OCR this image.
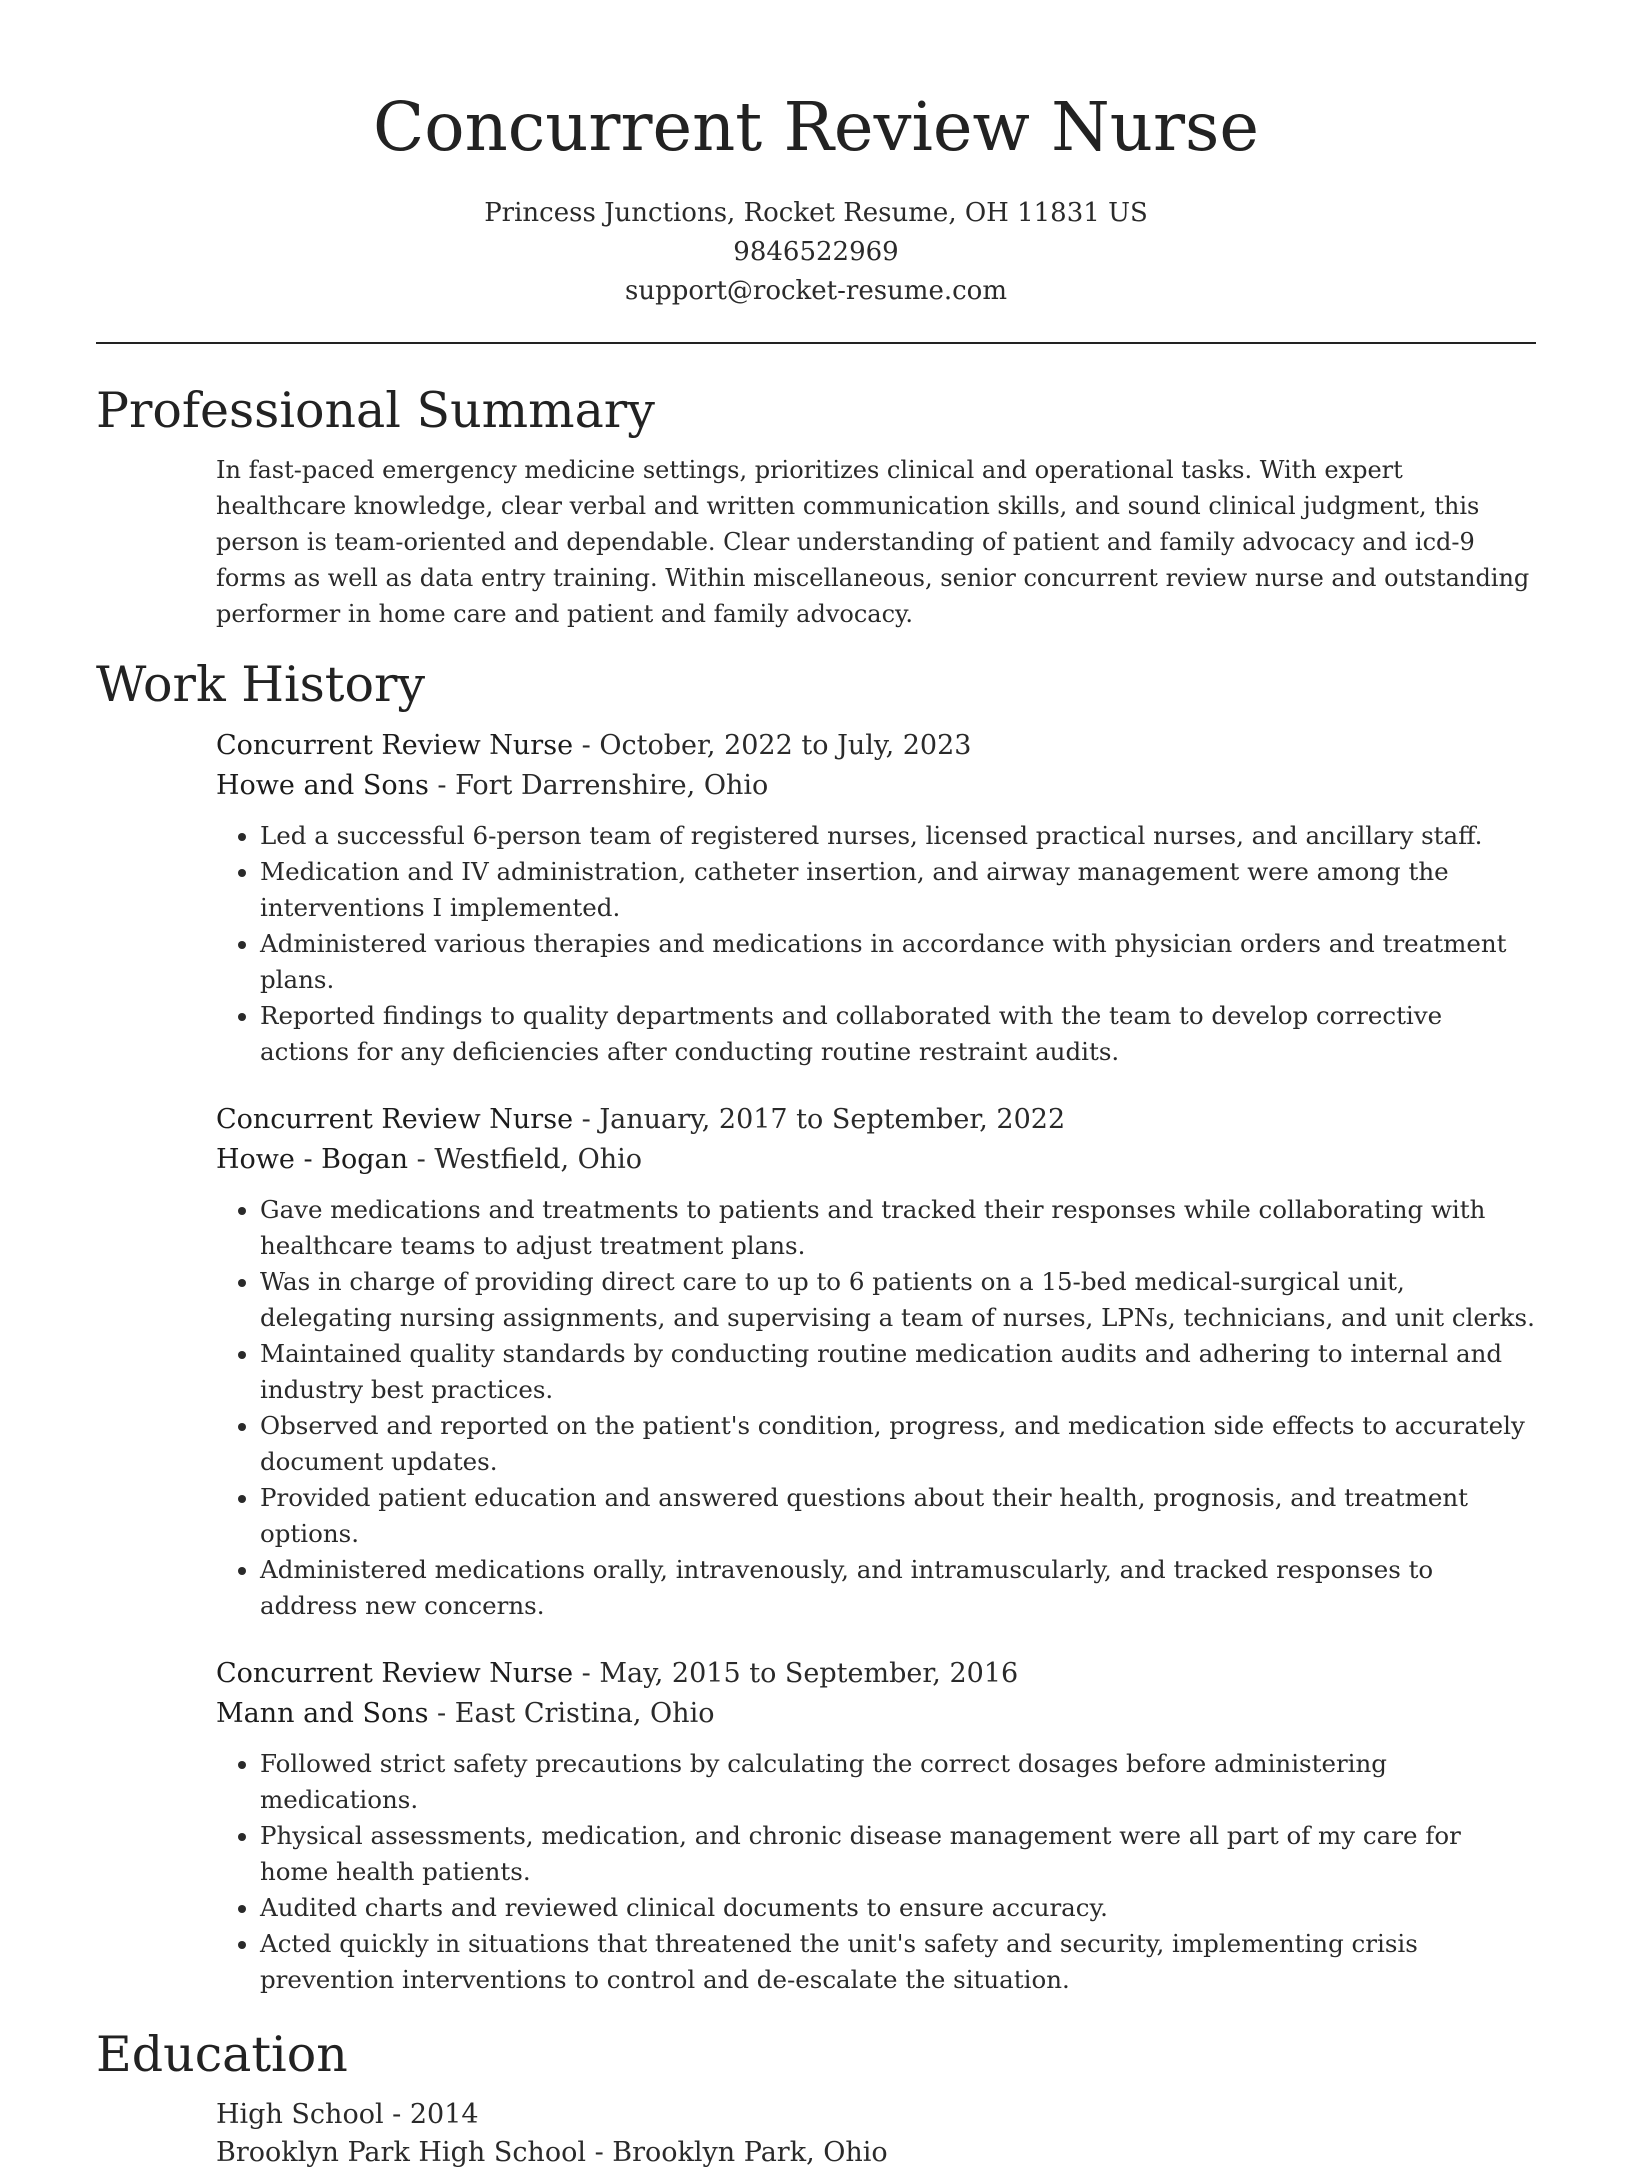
Concurrent Review Nurse
Princess Junctions, Rocket Resume, OH 11831 US
9846522969
support@rocket-resume.com
Professional Summary

In fast-paced emergency medicine settings, prioritizes clinical and operational tasks. With expert healthcare knowledge, clear verbal and written communication skills, and sound clinical judgment, this person is team-oriented and dependable. Clear understanding of patient and family advocacy and icd-9 forms as well as data entry training. Within miscellaneous, senior concurrent review nurse and outstanding performer in home care and patient and family advocacy.

Work History
Concurrent Review Nurse - October, 2022 to July, 2023
Howe and Sons - Fort Darrenshire, Ohio
• Led a successful 6-person team of registered nurses, licensed practical nurses, and ancillary staff.
• Medication and IV administration, catheter insertion, and airway management were among the interventions I implemented.
• Administered various therapies and medications in accordance with physician orders and treatment plans.
• Reported findings to quality departments and collaborated with the team to develop corrective actions for any deficiencies after conducting routine restraint audits.
Concurrent Review Nurse - January, 2017 to September, 2022
Howe - Bogan - Westfield, Ohio
• Gave medications and treatments to patients and tracked their responses while collaborating with healthcare teams to adjust treatment plans.
• Was in charge of providing direct care to up to 6 patients on a 15-bed medical-surgical unit, delegating nursing assignments, and supervising a team of nurses, LPNs, technicians, and unit clerks.
• Maintained quality standards by conducting routine medication audits and adhering to internal and industry best practices.
• Observed and reported on the patient's condition, progress, and medication side effects to accurately document updates.
• Provided patient education and answered questions about their health, prognosis, and treatment options.
• Administered medications orally, intravenously, and intramuscularly, and tracked responses to address new concerns.
Concurrent Review Nurse - May, 2015 to September, 2016
Mann and Sons - East Cristina, Ohio
• Followed strict safety precautions by calculating the correct dosages before administering medications.
• Physical assessments, medication, and chronic disease management were all part of my care for home health patients.
• Audited charts and reviewed clinical documents to ensure accuracy.
• Acted quickly in situations that threatened the unit's safety and security, implementing crisis prevention interventions to control and de-escalate the situation.
Education
High School - 2014
Brooklyn Park High School - Brooklyn Park, Ohio
